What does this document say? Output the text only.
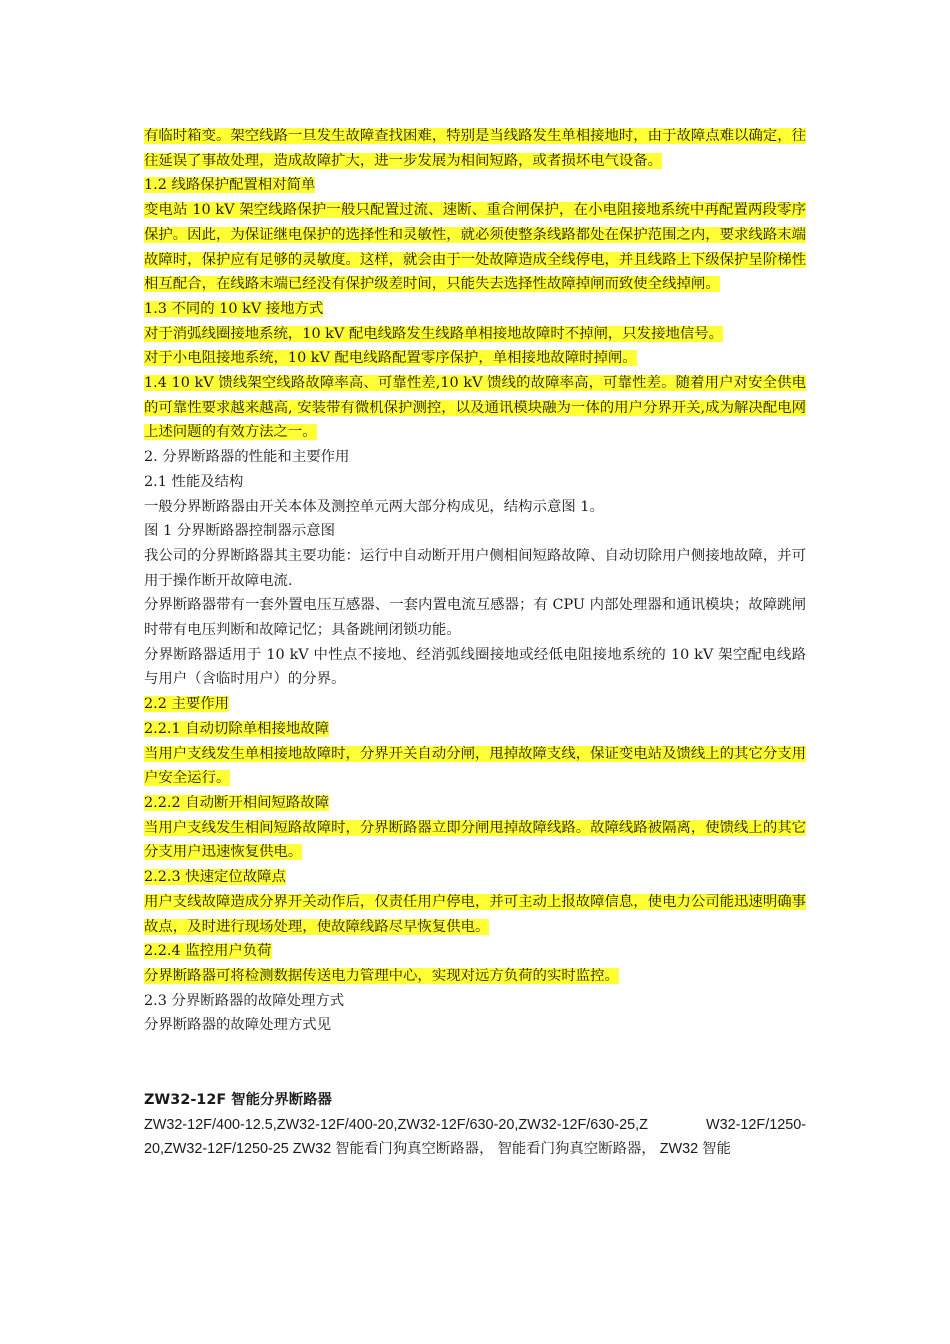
有临时箱变。架空线路一旦发生故障查找困难，特别是当线路发生单相接地时，由于故障点难以确定，往往延误了事故处理，造成故障扩大，进一步发展为相间短路，或者损坏电气设备。

1.2 线路保护配置相对简单

变电站 10 kV 架空线路保护一般只配置过流、速断、重合闸保护，在小电阻接地系统中再配置两段零序保护。因此，为保证继电保护的选择性和灵敏性，就必须使整条线路都处在保护范围之内，要求线路末端故障时，保护应有足够的灵敏度。这样，就会由于一处故障造成全线停电，并且线路上下级保护呈阶梯性相互配合，在线路末端已经没有保护级差时间，只能失去选择性故障掉闸而致使全线掉闸。

1.3 不同的 10 kV 接地方式

对于消弧线圈接地系统，10 kV 配电线路发生线路单相接地故障时不掉闸，只发接地信号。

对于小电阻接地系统，10 kV 配电线路配置零序保护，单相接地故障时掉闸。

1.4 10 kV 馈线架空线路故障率高、可靠性差,10 kV 馈线的故障率高，可靠性差。随着用户对安全供电的可靠性要求越来越高, 安装带有微机保护测控，以及通讯模块融为一体的用户分界开关,成为解决配电网上述问题的有效方法之一。

2. 分界断路器的性能和主要作用

2.1 性能及结构

一般分界断路器由开关本体及测控单元两大部分构成见，结构示意图 1。

图 1 分界断路器控制器示意图

我公司的分界断路器其主要功能：运行中自动断开用户侧相间短路故障、自动切除用户侧接地故障，并可用于操作断开故障电流.

分界断路器带有一套外置电压互感器、一套内置电流互感器；有 CPU 内部处理器和通讯模块；故障跳闸时带有电压判断和故障记忆；具备跳闸闭锁功能。

分界断路器适用于 10 kV 中性点不接地、经消弧线圈接地或经低电阻接地系统的 10 kV 架空配电线路与用户（含临时用户）的分界。

2.2 主要作用

2.2.1 自动切除单相接地故障

当用户支线发生单相接地故障时，分界开关自动分闸，甩掉故障支线，保证变电站及馈线上的其它分支用户安全运行。

2.2.2 自动断开相间短路故障

当用户支线发生相间短路故障时，分界断路器立即分闸甩掉故障线路。故障线路被隔离，使馈线上的其它分支用户迅速恢复供电。

2.2.3 快速定位故障点

用户支线故障造成分界开关动作后，仅责任用户停电，并可主动上报故障信息，使电力公司能迅速明确事故点，及时进行现场处理，使故障线路尽早恢复供电。

2.2.4 监控用户负荷

分界断路器可将检测数据传送电力管理中心，实现对远方负荷的实时监控。

2.3 分界断路器的故障处理方式

分界断路器的故障处理方式见

ZW32-12F 智能分界断路器

ZW32-12F/400-12.5,ZW32-12F/400-20,ZW32-12F/630-20,ZW32-12F/630-25,Z　　W32-12F/1250-20,ZW32-12F/1250-25 ZW32 智能看门狗真空断路器， 智能看门狗真空断路器， ZW32 智能
